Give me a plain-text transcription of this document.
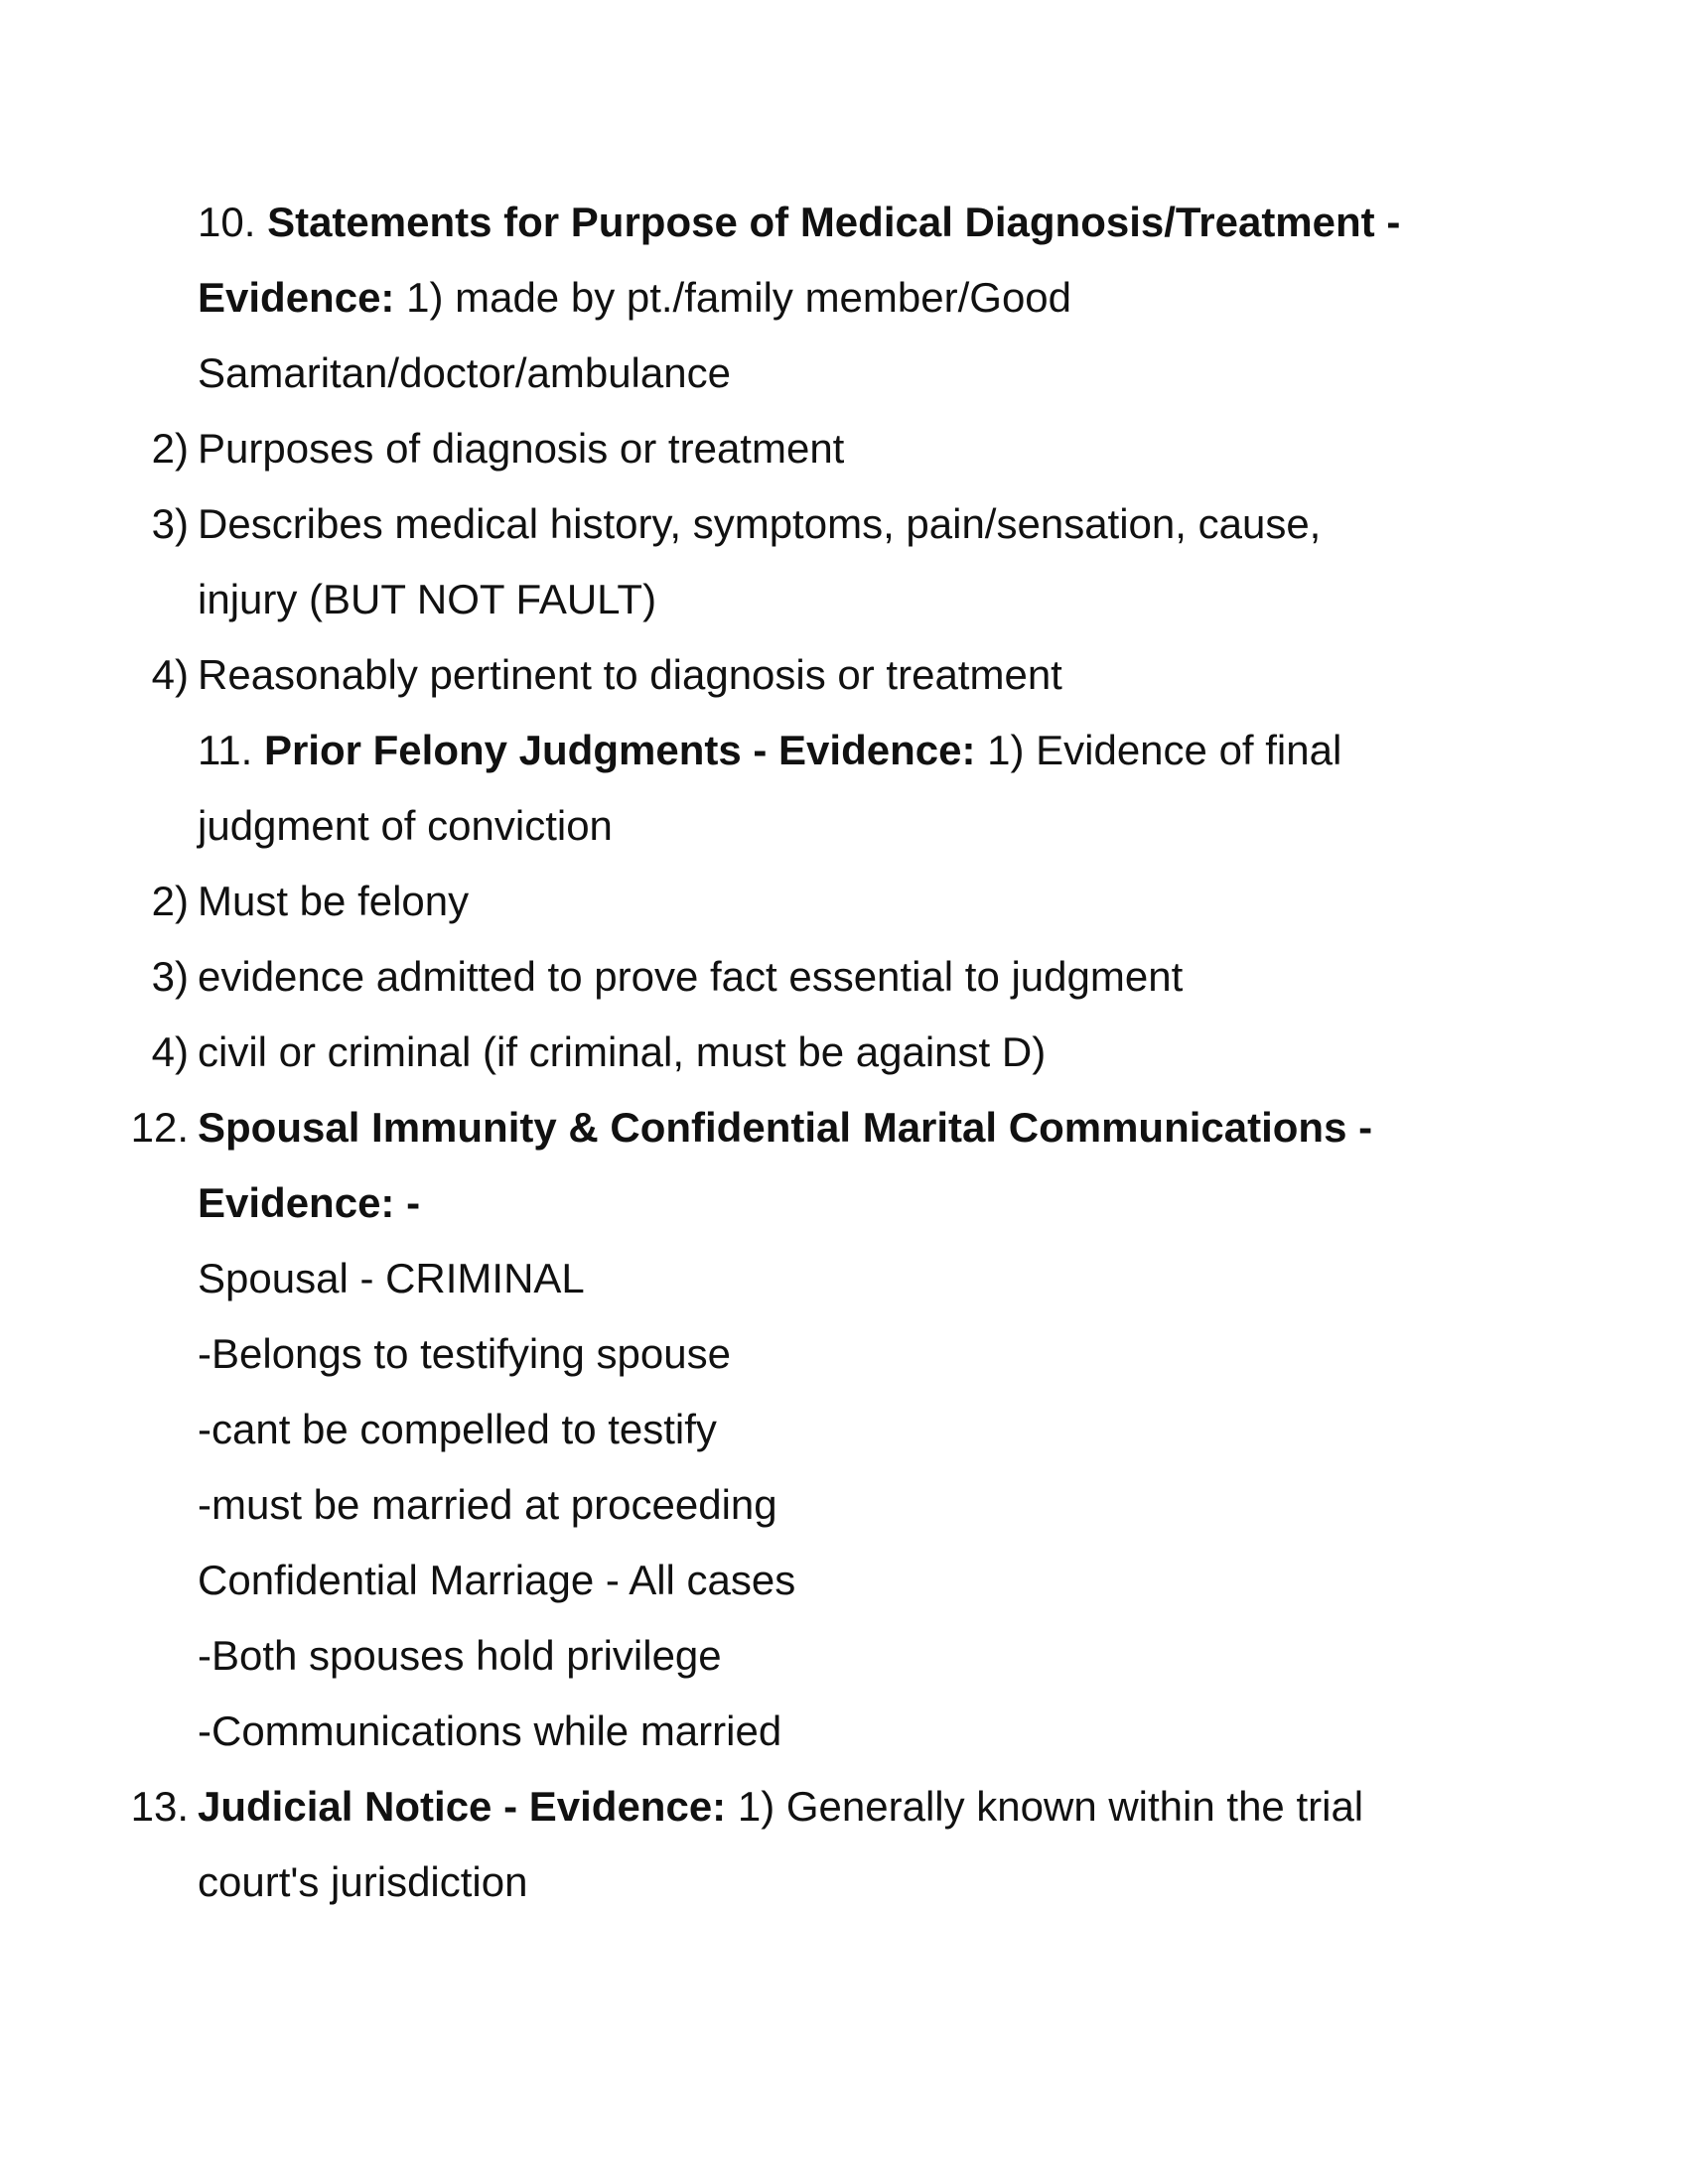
10. Statements for Purpose of Medical Diagnosis/Treatment -
Evidence: 1) made by pt./family member/Good
Samaritan/doctor/ambulance
2) Purposes of diagnosis or treatment
3) Describes medical history, symptoms, pain/sensation, cause,
injury (BUT NOT FAULT)
4) Reasonably pertinent to diagnosis or treatment
11. Prior Felony Judgments - Evidence: 1) Evidence of final
judgment of conviction
2) Must be felony
3) evidence admitted to prove fact essential to judgment
4) civil or criminal (if criminal, must be against D)
12. Spousal Immunity & Confidential Marital Communications -
Evidence: -
Spousal - CRIMINAL
-Belongs to testifying spouse
-cant be compelled to testify
-must be married at proceeding
Confidential Marriage - All cases
-Both spouses hold privilege
-Communications while married
13. Judicial Notice - Evidence: 1) Generally known within the trial
court's jurisdiction
